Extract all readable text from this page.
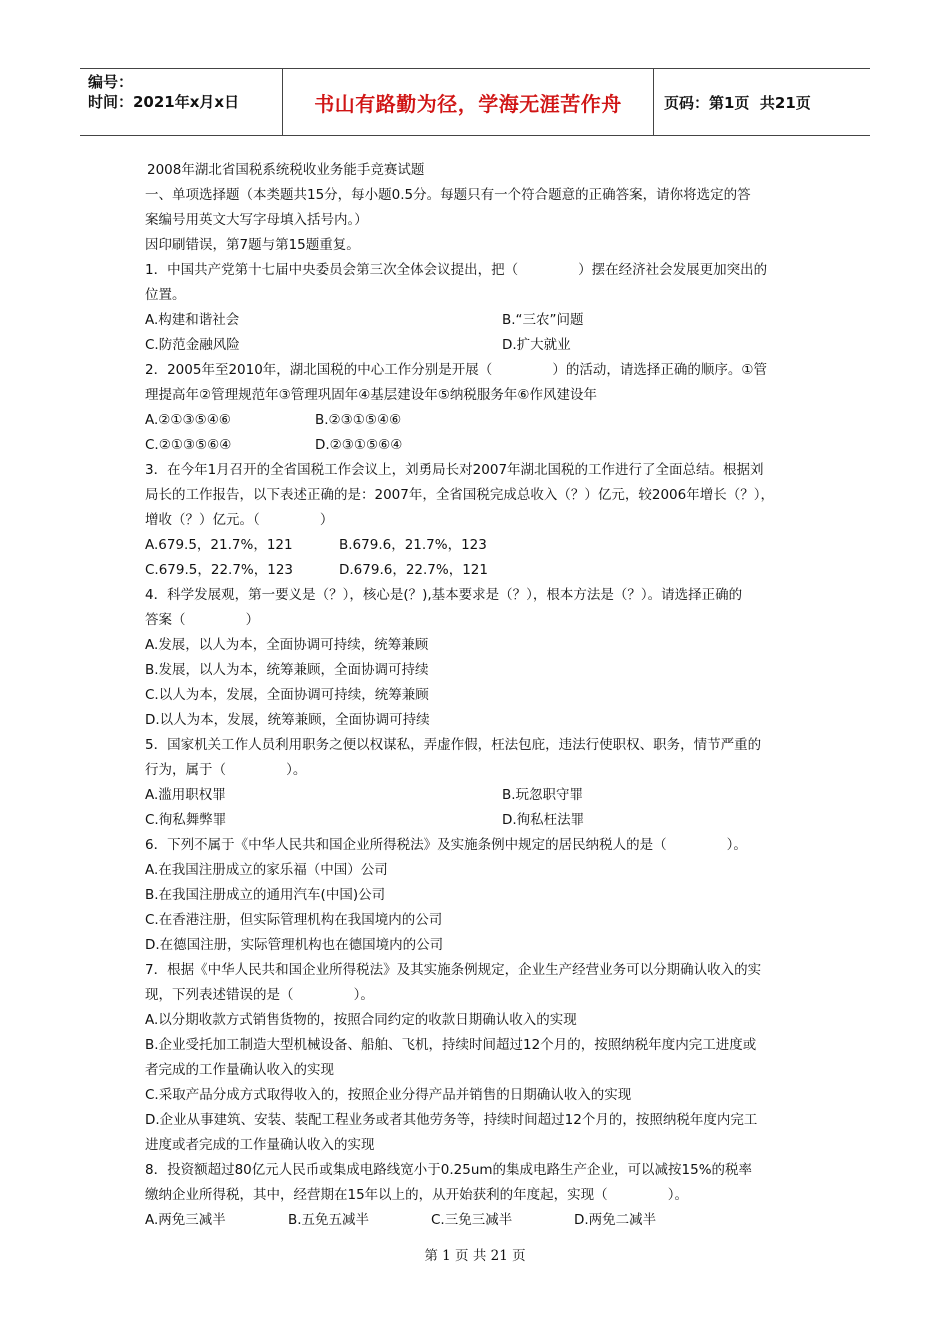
编号：
时间：2021年x月x日	书山有路勤为径，学海无涯苦作舟	页码：第1页  共21页
2008年湖北省国税系统税收业务能手竞赛试题
一、单项选择题（本类题共15分，每小题0.5分。每题只有一个符合题意的正确答案，请你将选定的答
案编号用英文大写字母填入括号内。）
因印刷错误，第7题与第15题重复。
1．中国共产党第十七届中央委员会第三次全体会议提出，把（              ）摆在经济社会发展更加突出的
位置。
A.构建和谐社会	B.“三农”问题
C.防范金融风险	D.扩大就业
2．2005年至2010年，湖北国税的中心工作分别是开展（              ）的活动，请选择正确的顺序。①管
理提高年②管理规范年③管理巩固年④基层建设年⑤纳税服务年⑥作风建设年
A.②①③⑤④⑥	B.②③①⑤④⑥
C.②①③⑤⑥④	D.②③①⑤⑥④
3．在今年1月召开的全省国税工作会议上，刘勇局长对2007年湖北国税的工作进行了全面总结。根据刘
局长的工作报告，以下表述正确的是：2007年，全省国税完成总收入（？）亿元，较2006年增长（？），
增收（？）亿元。（              ）
A.679.5，21.7%，121	B.679.6，21.7%，123
C.679.5，22.7%，123	D.679.6，22.7%，121
4．科学发展观，第一要义是（？），核心是(？),基本要求是（？），根本方法是（？）。请选择正确的
答案（              ）
A.发展，以人为本，全面协调可持续，统筹兼顾
B.发展，以人为本，统筹兼顾，全面协调可持续
C.以人为本，发展，全面协调可持续，统筹兼顾
D.以人为本，发展，统筹兼顾，全面协调可持续
5．国家机关工作人员利用职务之便以权谋私，弄虚作假，枉法包庇，违法行使职权、职务，情节严重的
行为，属于（              ）。
A.滥用职权罪	B.玩忽职守罪
C.徇私舞弊罪	D.徇私枉法罪
6．下列不属于《中华人民共和国企业所得税法》及实施条例中规定的居民纳税人的是（              ）。
A.在我国注册成立的家乐福（中国）公司
B.在我国注册成立的通用汽车(中国)公司
C.在香港注册，但实际管理机构在我国境内的公司
D.在德国注册，实际管理机构也在德国境内的公司
7．根据《中华人民共和国企业所得税法》及其实施条例规定，企业生产经营业务可以分期确认收入的实
现，下列表述错误的是（              ）。
A.以分期收款方式销售货物的，按照合同约定的收款日期确认收入的实现
B.企业受托加工制造大型机械设备、船舶、飞机，持续时间超过12个月的，按照纳税年度内完工进度或
者完成的工作量确认收入的实现
C.采取产品分成方式取得收入的，按照企业分得产品并销售的日期确认收入的实现
D.企业从事建筑、安装、装配工程业务或者其他劳务等，持续时间超过12个月的，按照纳税年度内完工
进度或者完成的工作量确认收入的实现
8．投资额超过80亿元人民币或集成电路线宽小于0.25um的集成电路生产企业，可以减按15%的税率
缴纳企业所得税，其中，经营期在15年以上的，从开始获利的年度起，实现（              ）。
A.两免三减半	B.五免五减半	C.三免三减半	D.两免二减半
第 1 页 共 21 页
